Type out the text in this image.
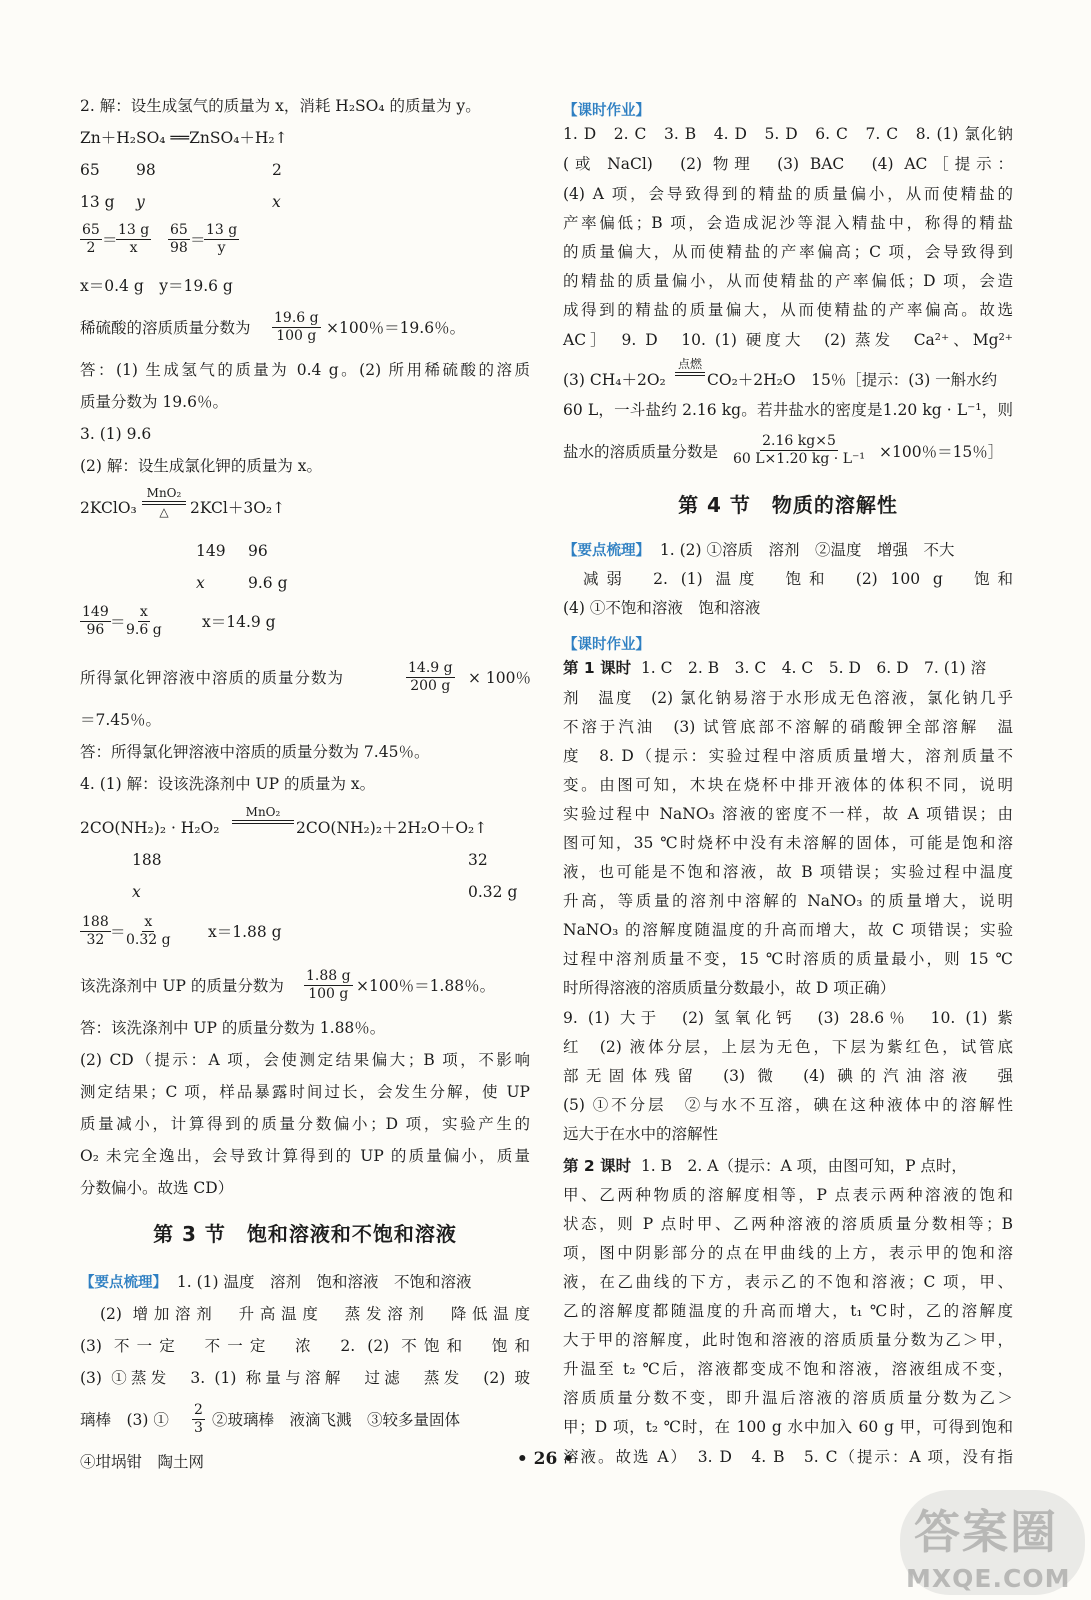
2. 解：设生成氢气的质量为 x，消耗 H₂SO₄ 的质量为 y。
Zn＋H₂SO₄ ══ZnSO₄＋H₂↑
65 98	2
13 g y	x
$\frac{65}{2}$ ＝
$\frac{13 g}{x} \frac{65}{98}$ ＝
$\frac{13 g}{y}$
x＝0.4 g　y＝19.6 g
稀硫酸的溶质质量分数为 $\frac{19.6 g}{100 g} \times 100$％＝19.6％。
答：(1) 生成氢气的质量为 0.4 g。(2) 所用稀硫酸的溶质
质量分数为 19.6％。
3. (1) 9.6
(2) 解：设生成氯化钾的质量为 x。
2KClO₃
MnO₂
△	2KCl＋3O₂↑
149 96
x	9.6 g
$\frac{149}{96}$ ＝
$\frac{x}{9.6 g} x=14.9$ g
所得氯化钾溶液中溶质的质量分数为	$\frac{14.9 g}{200 g} \times 100$％
＝7.45％。
答：所得氯化钾溶液中溶质的质量分数为 7.45％。
4. (1) 解：设该洗涤剂中 UP 的质量为 x。
2CO(NH₂)₂ · H₂O₂
MnO₂
2CO(NH₂)₂＋2H₂O＋O₂↑
188	32
x	0.32 g
$\frac{188}{32}$ ＝
$\frac{x}{0.32 g} x=1.88$ g
该洗涤剂中 UP 的质量分数为 $\frac{1.88 g}{100 g} \times 100$％＝1.88％。
答：该洗涤剂中 UP 的质量分数为 1.88％。
(2) CD（提示：A 项，会使测定结果偏大；B 项，不影响
测定结果；C 项，样品暴露时间过长，会发生分解，使 UP
质量减小，计算得到的质量分数偏小；D 项，实验产生的
O₂ 未完全逸出，会导致计算得到的 UP 的质量偏小，质量
分数偏小。故选 CD）
第 3 节　饱和溶液和不饱和溶液
【要点梳理】 1. (1) 温度　溶剂　饱和溶液　不饱和溶液
(2) 增加溶剂　升高温度　蒸发溶剂　降低温度
(3) 不一定　不一定　浓　2. (2) 不饱和　饱和
(3) ①蒸发　3. (1) 称量与溶解　过滤　蒸发　(2) 玻
璃棒　(3) ① $\frac{2}{3}$ ②玻璃棒　液滴飞溅　③较多量固体
④坩埚钳　陶土网
【课时作业】
1. D　2. C　3. B　4. D　5. D　6. C　7. C　8. (1) 氯化钠
(或 NaCl)　(2) 物理　(3) BAC　(4) AC［提示：
(4) A 项，会导致得到的精盐的质量偏小，从而使精盐的
产率偏低；B 项，会造成泥沙等混入精盐中，称得的精盐
的质量偏大，从而使精盐的产率偏高；C 项，会导致得到
的精盐的质量偏小，从而使精盐的产率偏低；D 项，会造
成得到的精盐的质量偏大，从而使精盐的产率偏高。故选
AC］　9. D　10. (1) 硬度大　(2) 蒸发　Ca²⁺、Mg²⁺
(3) CH₄＋2O₂
点燃
CO₂＋2H₂O　15％［提示：(3) 一斛水约
60 L，一斗盐约 2.16 kg。若井盐水的密度是1.20 kg · L⁻¹，则
盐水的溶质质量分数是 $\frac{2.16 kg\times 5}{\text{60 L×1.20 kg · L⁻¹}} \times 100$％＝15％］
第 4 节　物质的溶解性
【要点梳理】 1. (2) ①溶质　溶剂　②温度　增强　不大
减弱　2. (1) 温度　饱和　(2) 100 g　饱和
(4) ①不饱和溶液　饱和溶液
【课时作业】
第 1 课时 1. C　2. B　3. C　4. C　5. D　6. D　7. (1) 溶
剂　温度　(2) 氯化钠易溶于水形成无色溶液，氯化钠几乎
不溶于汽油　(3) 试管底部不溶解的硝酸钾全部溶解　温
度　8. D（提示：实验过程中溶质质量增大，溶剂质量不
变。由图可知，木块在烧杯中排开液体的体积不同，说明
实验过程中 NaNO₃ 溶液的密度不一样，故 A 项错误；由
图可知，35 ℃时烧杯中没有未溶解的固体，可能是饱和溶
液，也可能是不饱和溶液，故 B 项错误；实验过程中温度
升高，等质量的溶剂中溶解的 NaNO₃ 的质量增大，说明
NaNO₃ 的溶解度随温度的升高而增大，故 C 项错误；实验
过程中溶剂质量不变，15 ℃时溶质的质量最小，则 15 ℃
时所得溶液的溶质质量分数最小，故 D 项正确）
9. (1) 大于　(2) 氢氧化钙　(3) 28.6％　10. (1) 紫
红　(2) 液体分层，上层为无色，下层为紫红色，试管底
部无固体残留　(3) 微　(4) 碘的汽油溶液　强
(5) ①不分层　②与水不互溶，碘在这种液体中的溶解性
远大于在水中的溶解性
第 2 课时 1. B　2. A（提示：A 项，由图可知，P 点时，
甲、乙两种物质的溶解度相等，P 点表示两种溶液的饱和
状态，则 P 点时甲、乙两种溶液的溶质质量分数相等；B
项，图中阴影部分的点在甲曲线的上方，表示甲的饱和溶
液，在乙曲线的下方，表示乙的不饱和溶液；C 项，甲、
乙的溶解度都随温度的升高而增大，t₁ ℃时，乙的溶解度
大于甲的溶解度，此时饱和溶液的溶质质量分数为乙＞甲，
升温至 t₂ ℃后，溶液都变成不饱和溶液，溶液组成不变，
溶质质量分数不变，即升温后溶液的溶质质量分数为乙＞
甲；D 项，t₂ ℃时，在 100 g 水中加入 60 g 甲，可得到饱和
溶液。故选 A）　3. D　4. B　5. C（提示：A 项，没有指
• 26 •
答案圈
MXQE.COM
